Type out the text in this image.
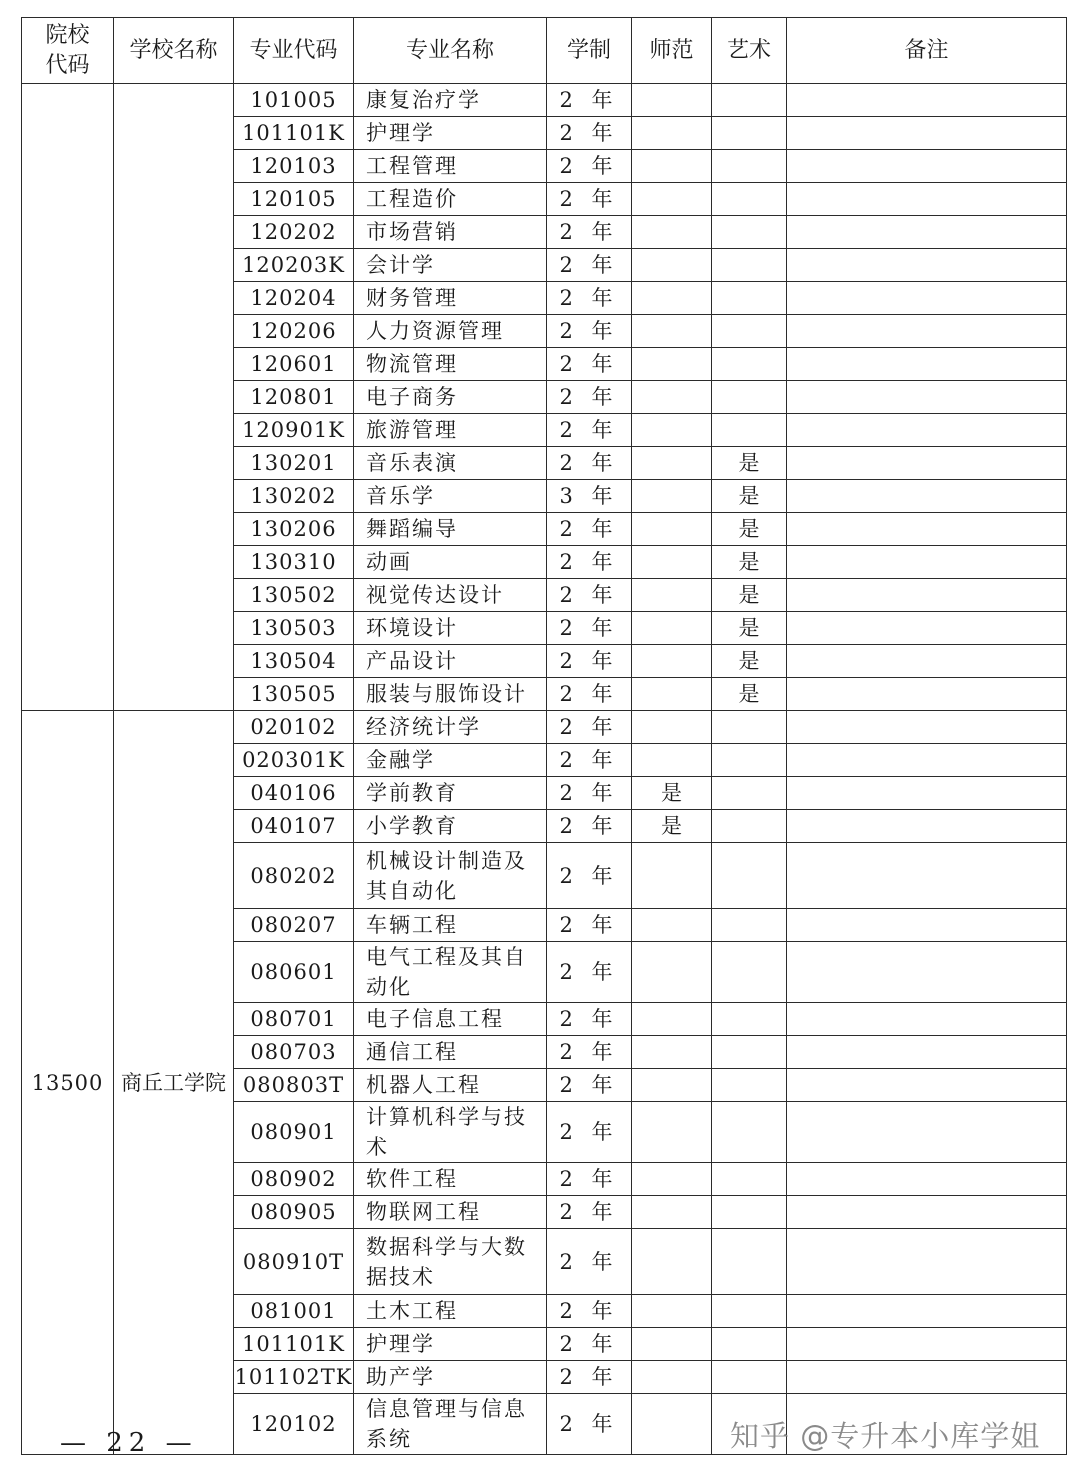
院校代码	学校名称	专业代码	专业名称	学制	师范	艺术	备注
		101005	康复治疗学	2 年			
		101101K	护理学	2 年			
		120103	工程管理	2 年			
		120105	工程造价	2 年			
		120202	市场营销	2 年			
		120203K	会计学	2 年			
		120204	财务管理	2 年			
		120206	人力资源管理	2 年			
		120601	物流管理	2 年			
		120801	电子商务	2 年			
		120901K	旅游管理	2 年			
		130201	音乐表演	2 年		是	
		130202	音乐学	3 年		是	
		130206	舞蹈编导	2 年		是	
		130310	动画	2 年		是	
		130502	视觉传达设计	2 年		是	
		130503	环境设计	2 年		是	
		130504	产品设计	2 年		是	
		130505	服装与服饰设计	2 年		是	
13500	商丘工学院	020102	经济统计学	2 年			
		020301K	金融学	2 年			
		040106	学前教育	2 年	是		
		040107	小学教育	2 年	是		
		080202	机械设计制造及其自动化	2 年			
		080207	车辆工程	2 年			
		080601	电气工程及其自动化	2 年			
		080701	电子信息工程	2 年			
		080703	通信工程	2 年			
		080803T	机器人工程	2 年			
		080901	计算机科学与技术	2 年			
		080902	软件工程	2 年			
		080905	物联网工程	2 年			
		080910T	数据科学与大数据技术	2 年			
		081001	土木工程	2 年			
		101101K	护理学	2 年			
		101102TK	助产学	2 年			
		120102	信息管理与信息系统	2 年			
— 22 —	知乎 @专升本小库学姐
